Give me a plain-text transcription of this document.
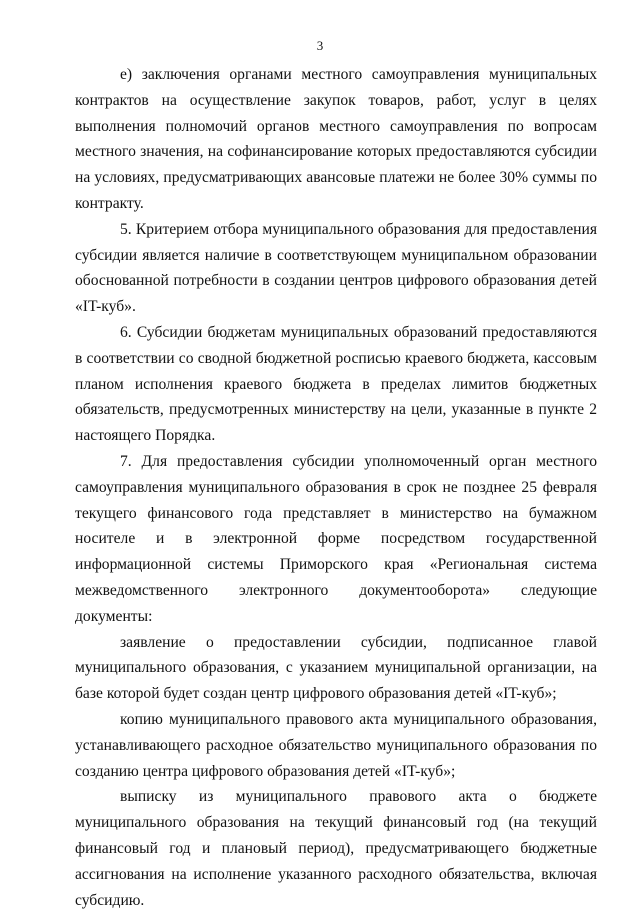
3

е) заключения органами местного самоуправления муниципальных контрактов на осуществление закупок товаров, работ, услуг в целях выполнения полномочий органов местного самоуправления по вопросам местного значения, на софинансирование которых предоставляются субсидии на условиях, предусматривающих авансовые платежи не более 30% суммы по контракту.

5. Критерием отбора муниципального образования для предоставления субсидии является наличие в соответствующем муниципальном образовании обоснованной потребности в создании центров цифрового образования детей «IT-куб».

6. Субсидии бюджетам муниципальных образований предоставляются в соответствии со сводной бюджетной росписью краевого бюджета, кассовым планом исполнения краевого бюджета в пределах лимитов бюджетных обязательств, предусмотренных министерству на цели, указанные в пункте 2 настоящего Порядка.

7. Для предоставления субсидии уполномоченный орган местного самоуправления муниципального образования в срок не позднее 25 февраля текущего финансового года представляет в министерство на бумажном носителе и в электронной форме посредством государственной информационной системы Приморского края «Региональная система межведомственного электронного документооборота» следующие документы:

заявление о предоставлении субсидии, подписанное главой муниципального образования, с указанием муниципальной организации, на базе которой будет создан центр цифрового образования детей «IT-куб»;

копию муниципального правового акта муниципального образования, устанавливающего расходное обязательство муниципального образования по созданию центра цифрового образования детей «IT-куб»;

выписку из муниципального правового акта о бюджете муниципального образования на текущий финансовый год (на текущий финансовый год и плановый период), предусматривающего бюджетные ассигнования на исполнение указанного расходного обязательства, включая субсидию.
